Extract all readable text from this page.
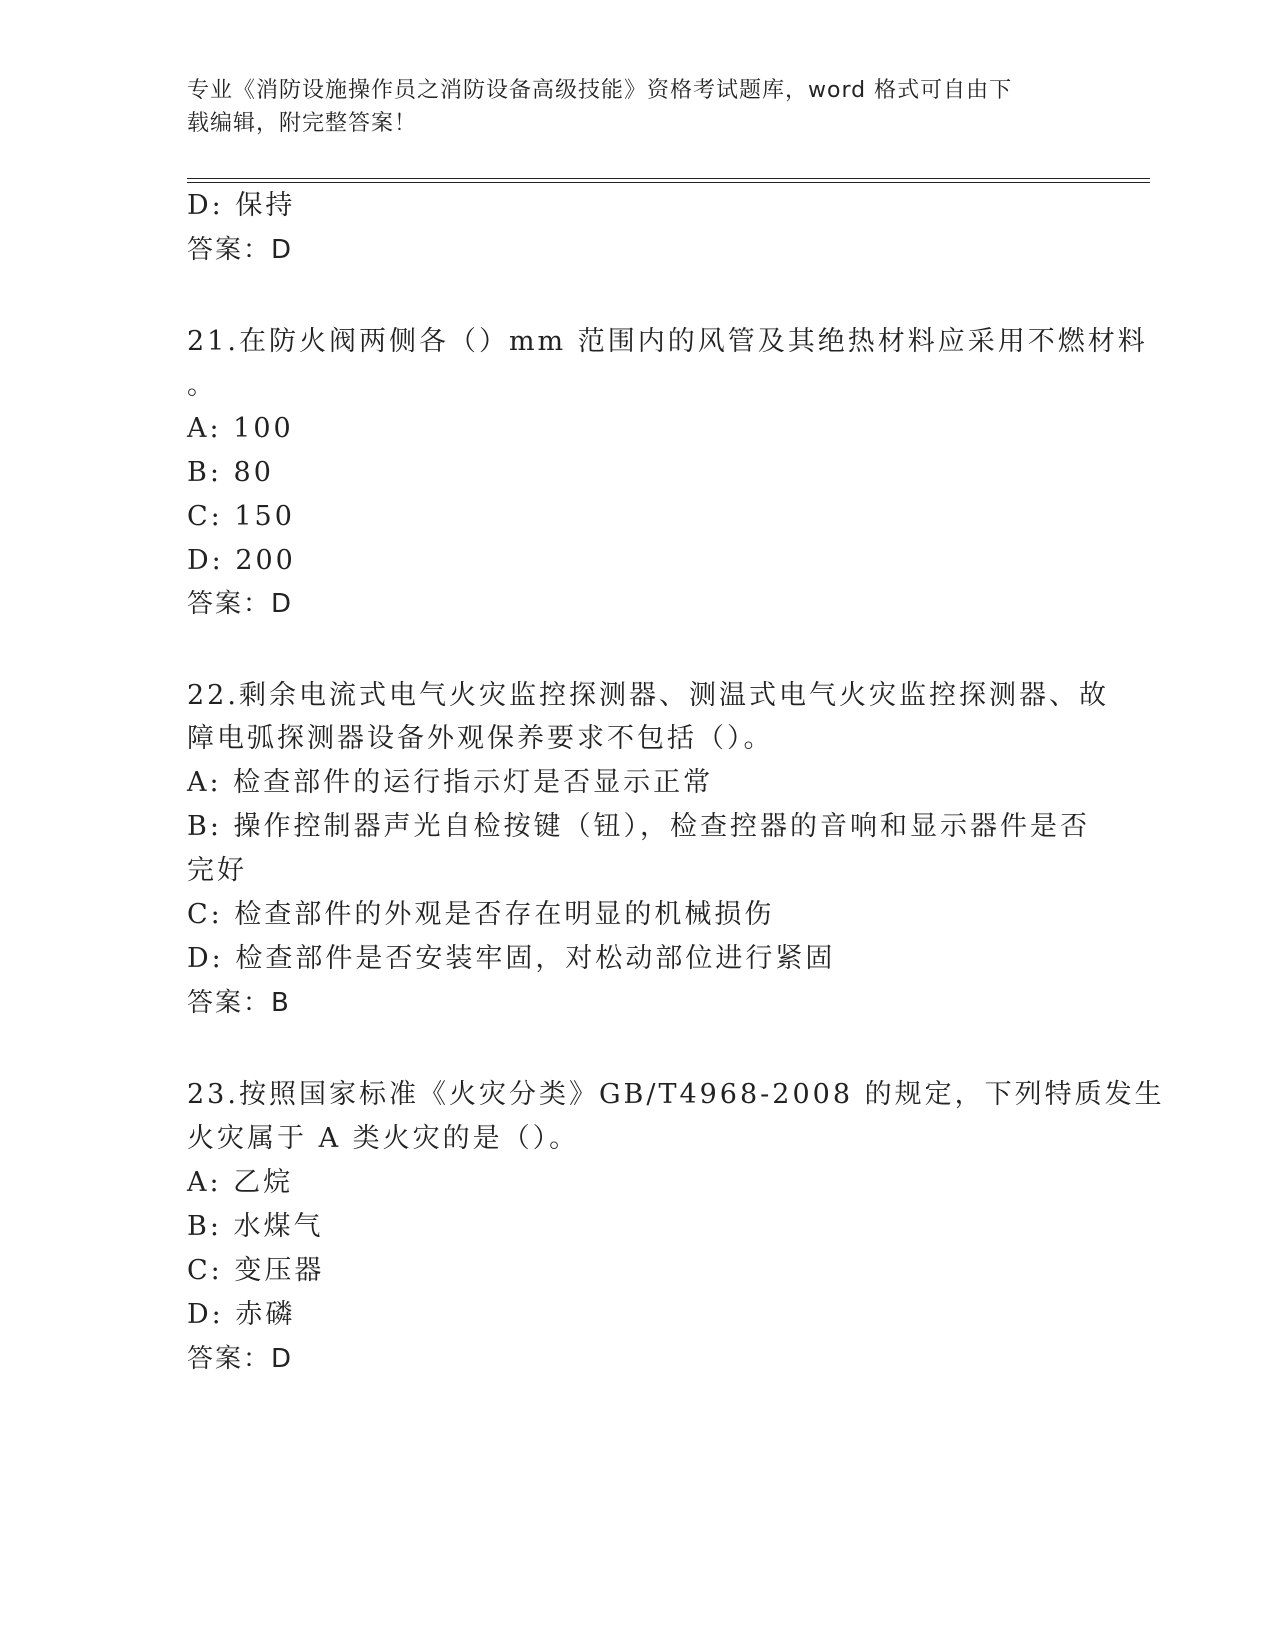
专业《消防设施操作员之消防设备高级技能》资格考试题库，word 格式可自由下
载编辑，附完整答案！
D: 保持
答案：D
21.在防火阀两侧各（）mm 范围内的风管及其绝热材料应采用不燃材料
。
A: 100
B: 80
C: 150
D: 200
答案：D
22.剩余电流式电气火灾监控探测器、测温式电气火灾监控探测器、故
障电弧探测器设备外观保养要求不包括（）。
A: 检查部件的运行指示灯是否显示正常
B: 操作控制器声光自检按键（钮），检查控器的音响和显示器件是否
完好
C: 检查部件的外观是否存在明显的机械损伤
D: 检查部件是否安装牢固，对松动部位进行紧固
答案：B
23.按照国家标准《火灾分类》GB/T4968-2008 的规定，下列特质发生
火灾属于 A 类火灾的是（）。
A: 乙烷
B: 水煤气
C: 变压器
D: 赤磷
答案：D
